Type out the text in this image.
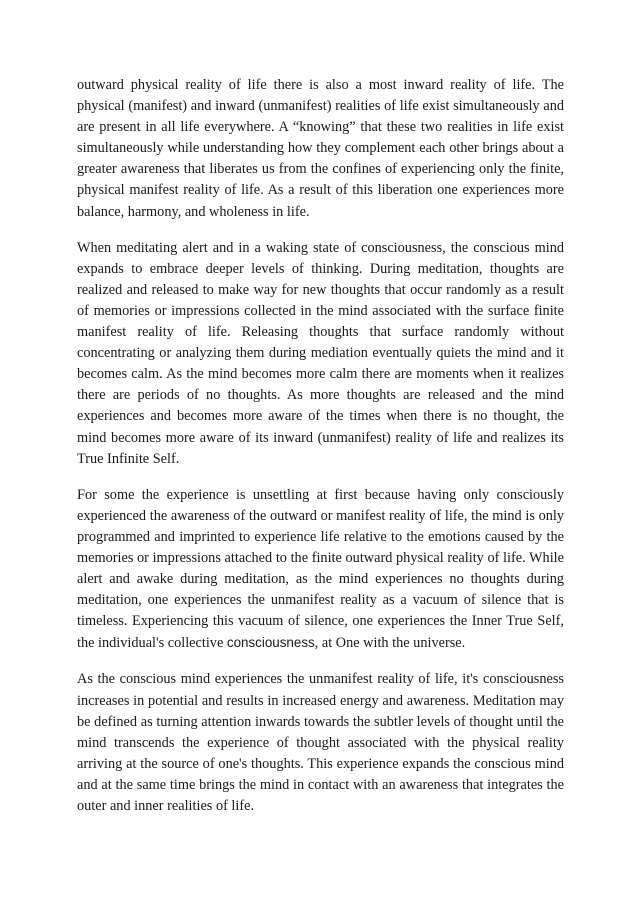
outward physical reality of life there is also a most inward reality of life. The physical (manifest) and inward (unmanifest) realities of life exist simultaneously and are present in all life everywhere. A “knowing” that these two realities in life exist simultaneously while understanding how they complement each other brings about a greater awareness that liberates us from the confines of experiencing only the finite, physical manifest reality of life. As a result of this liberation one experiences more balance, harmony, and wholeness in life.

When meditating alert and in a waking state of consciousness, the conscious mind expands to embrace deeper levels of thinking. During meditation, thoughts are realized and released to make way for new thoughts that occur randomly as a result of memories or impressions collected in the mind associated with the surface finite manifest reality of life. Releasing thoughts that surface randomly without concentrating or analyzing them during mediation eventually quiets the mind and it becomes calm. As the mind becomes more calm there are moments when it realizes there are periods of no thoughts. As more thoughts are released and the mind experiences and becomes more aware of the times when there is no thought, the mind becomes more aware of its inward (unmanifest) reality of life and realizes its True Infinite Self.

For some the experience is unsettling at first because having only consciously experienced the awareness of the outward or manifest reality of life, the mind is only programmed and imprinted to experience life relative to the emotions caused by the memories or impressions attached to the finite outward physical reality of life. While alert and awake during meditation, as the mind experiences no thoughts during meditation, one experiences the unmanifest reality as a vacuum of silence that is timeless. Experiencing this vacuum of silence, one experiences the Inner True Self, the individual's collective consciousness, at One with the universe.

As the conscious mind experiences the unmanifest reality of life, it's consciousness increases in potential and results in increased energy and awareness. Meditation may be defined as turning attention inwards towards the subtler levels of thought until the mind transcends the experience of thought associated with the physical reality arriving at the source of one's thoughts. This experience expands the conscious mind and at the same time brings the mind in contact with an awareness that integrates the outer and inner realities of life.
